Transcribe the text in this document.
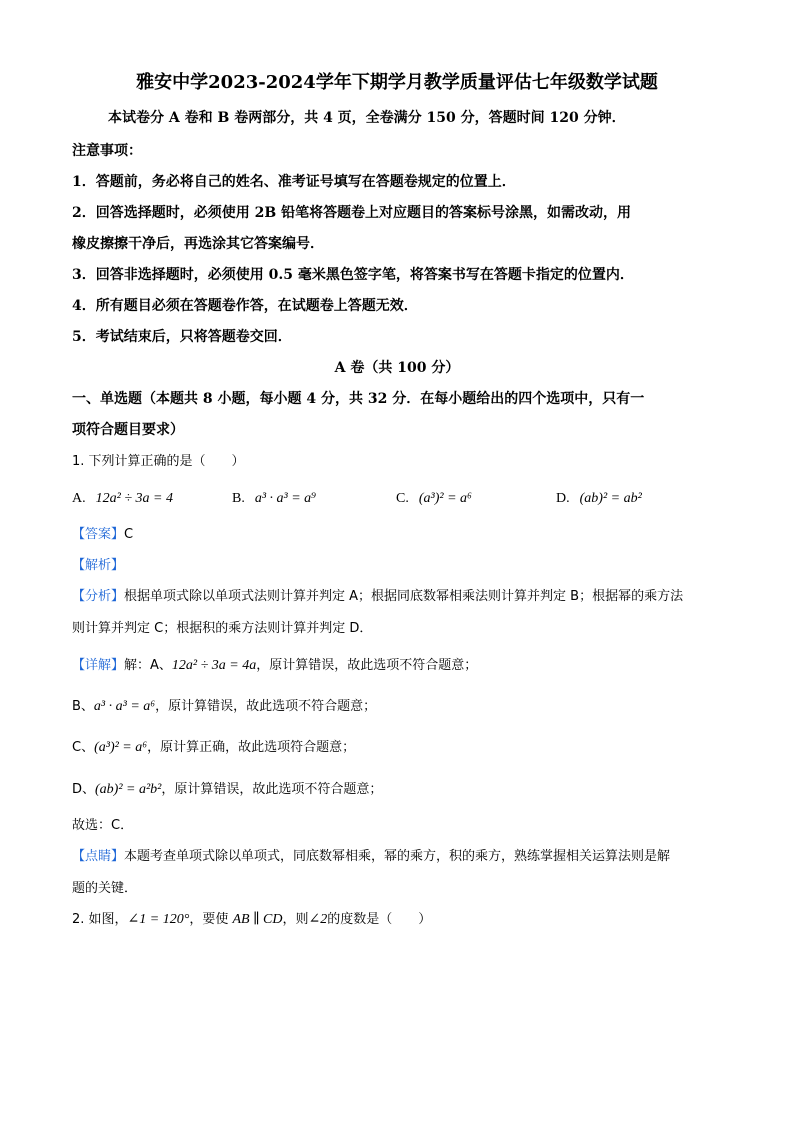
雅安中学2023-2024学年下期学月教学质量评估七年级数学试题
本试卷分 A 卷和 B 卷两部分，共 4 页，全卷满分 150 分，答题时间 120 分钟．
注意事项：
1．答题前，务必将自己的姓名、准考证号填写在答题卷规定的位置上．
2．回答选择题时，必须使用 2B 铅笔将答题卷上对应题目的答案标号涂黑，如需改动，用
橡皮擦擦干净后，再选涂其它答案编号．
3．回答非选择题时，必须使用 0.5 毫米黑色签字笔，将答案书写在答题卡指定的位置内．
4．所有题目必须在答题卷作答，在试题卷上答题无效．
5．考试结束后，只将答题卷交回．
A 卷（共 100 分）
一、单选题（本题共 8 小题，每小题 4 分，共 32 分．在每小题给出的四个选项中，只有一
项符合题目要求）
1. 下列计算正确的是（　　）
A. 12a² ÷ 3a = 4	B. a³ · a³ = a⁹	C. (a³)² = a⁶	D. (ab)² = ab²
【答案】C
【解析】
【分析】根据单项式除以单项式法则计算并判定 A；根据同底数幂相乘法则计算并判定 B；根据幂的乘方法
则计算并判定 C；根据积的乘方法则计算并判定 D．
【详解】解：A、12a² ÷ 3a = 4a，原计算错误，故此选项不符合题意；
B、a³ · a³ = a⁶，原计算错误，故此选项不符合题意；
C、(a³)² = a⁶，原计算正确，故此选项符合题意；
D、(ab)² = a²b²，原计算错误，故此选项不符合题意；
故选：C．
【点睛】本题考查单项式除以单项式，同底数幂相乘，幂的乘方，积的乘方，熟练掌握相关运算法则是解
题的关键．
2. 如图，∠1 = 120°，要使 AB ∥ CD，则∠2的度数是（　　）
